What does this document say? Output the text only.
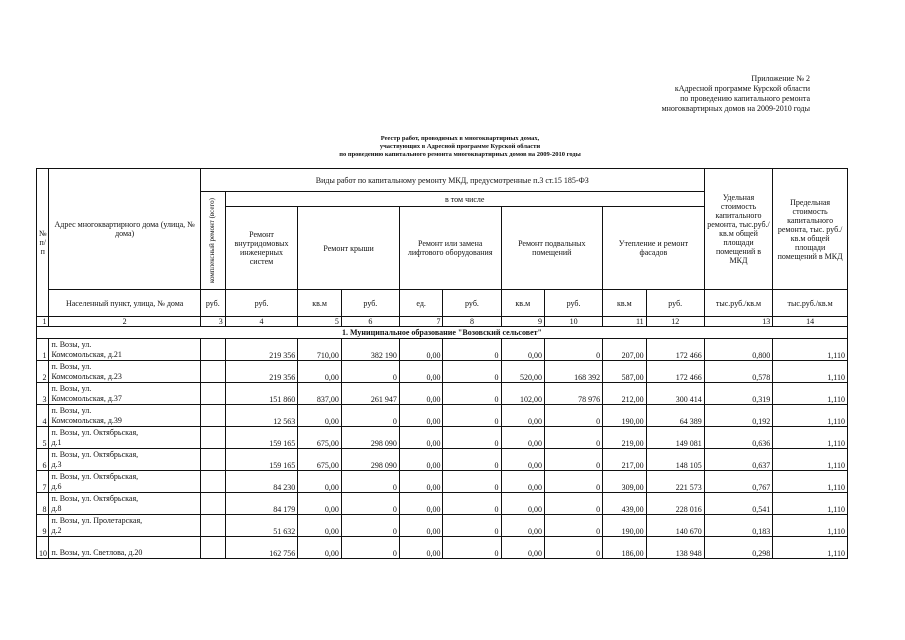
Приложение № 2
кАдресной программе Курской области
по проведению капитального ремонта
многоквартирных домов на 2009-2010 годы
Реестр работ, проводимых в многоквартирных домах,
участвующих в Адресной программе Курской области
по проведению капитального ремонта многоквартирных домов на 2009-2010 годы
№ п/п	Адрес многоквартирного дома (улица, № дома)	Виды работ по капитальному ремонту МКД, предусмотренные п.3 ст.15 185-ФЗ										Удельная стоимость капитального ремонта, тыс.руб./кв.м общей площади помещений в МКД	Предельная стоимость капитального ремонта, тыс. руб./ кв.м общей площади помещений в МКД

		комплексный ремонт (всего)	в том числе										
			Ремонт внутридомовых инженерных систем	Ремонт крыши		Ремонт или замена лифтового оборудования		Ремонт подвальных помещений		Утепление и ремонт фасадов			
	Населенный пункт, улица, № дома	руб.	руб.	кв.м	руб.	ед.	руб.	кв.м	руб.	кв.м	руб.	тыс.руб./кв.м	тыс.руб./кв.м
1	2	3	4	5	6	7	8	9	10	11	12	13	14
1. Муниципальное образование "Возовский сельсовет"													
1	п. Возы, ул.
Комсомольская, д.21		219 356	710,00	382 190	0,00	0	0,00	0	207,00	172 466	0,800	1,110
2	п. Возы, ул.
Комсомольская, д.23		219 356	0,00	0	0,00	0	520,00	168 392	587,00	172 466	0,578	1,110
3	п. Возы, ул.
Комсомольская, д.37		151 860	837,00	261 947	0,00	0	102,00	78 976	212,00	300 414	0,319	1,110
4	п. Возы, ул.
Комсомольская, д.39		12 563	0,00	0	0,00	0	0,00	0	190,00	64 389	0,192	1,110
5	п. Возы, ул. Октябрьская,
д.1		159 165	675,00	298 090	0,00	0	0,00	0	219,00	149 081	0,636	1,110
6	п. Возы, ул. Октябрьская,
д.3		159 165	675,00	298 090	0,00	0	0,00	0	217,00	148 105	0,637	1,110
7	п. Возы, ул. Октябрьская,
д.6		84 230	0,00	0	0,00	0	0,00	0	309,00	221 573	0,767	1,110
8	п. Возы, ул. Октябрьская,
д.8		84 179	0,00	0	0,00	0	0,00	0	439,00	228 016	0,541	1,110
9	п. Возы, ул. Пролетарская,
д.2		51 632	0,00	0	0,00	0	0,00	0	190,00	140 670	0,183	1,110
10	п. Возы, ул. Светлова, д.20		162 756	0,00	0	0,00	0	0,00	0	186,00	138 948	0,298	1,110
